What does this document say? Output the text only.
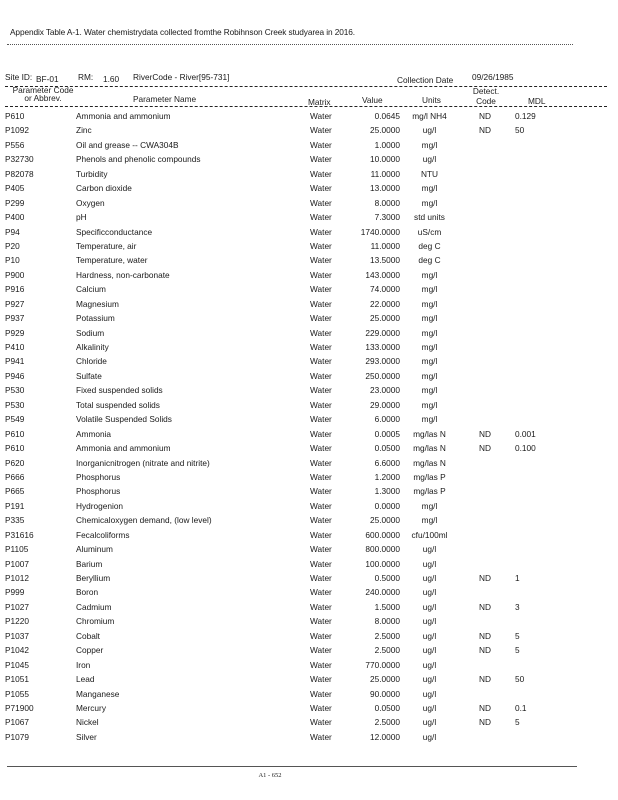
Appendix Table A-1. Water chemistrydata collected fromthe Robihnson Creek studyarea in 2016.
Site ID: BF-01 RM: 1.60 RiverCode - River[95-731]	Collection Date 09/26/1985
Parameter Code
or Abbrev.	Parameter Name	Matrix	Value	Units
Detect.
Code	MDL
P610	Ammonia and ammonium	Water	0.0645	mg/l NH4	ND	0.129
P1092	Zinc	Water	25.0000	ug/l	ND	50
P556	Oil and grease -- CWA304B	Water	1.0000	mg/l
P32730	Phenols and phenolic compounds	Water	10.0000	ug/l
P82078	Turbidity	Water	11.0000	NTU
P405	Carbon dioxide	Water	13.0000	mg/l
P299	Oxygen	Water	8.0000	mg/l
P400	pH	Water	7.3000	std units
P94	Specificconductance	Water	1740.0000	uS/cm
P20	Temperature, air	Water	11.0000	deg C
P10	Temperature, water	Water	13.5000	deg C
P900	Hardness, non-carbonate	Water	143.0000	mg/l
P916	Calcium	Water	74.0000	mg/l
P927	Magnesium	Water	22.0000	mg/l
P937	Potassium	Water	25.0000	mg/l
P929	Sodium	Water	229.0000	mg/l
P410	Alkalinity	Water	133.0000	mg/l
P941	Chloride	Water	293.0000	mg/l
P946	Sulfate	Water	250.0000	mg/l
P530	Fixed suspended solids	Water	23.0000	mg/l
P530	Total suspended solids	Water	29.0000	mg/l
P549	Volatile Suspended Solids	Water	6.0000	mg/l
P610	Ammonia	Water	0.0005	mg/las N	ND	0.001
P610	Ammonia and ammonium	Water	0.0500	mg/las N	ND	0.100
P620	Inorganicnitrogen (nitrate and nitrite)	Water	6.6000	mg/las N
P666	Phosphorus	Water	1.2000	mg/las P
P665	Phosphorus	Water	1.3000	mg/las P
P191	Hydrogenion	Water	0.0000	mg/l
P335	Chemicaloxygen demand, (low level)	Water	25.0000	mg/l
P31616	Fecalcoliforms	Water	600.0000	cfu/100ml
P1105	Aluminum	Water	800.0000	ug/l
P1007	Barium	Water	100.0000	ug/l
P1012	Beryllium	Water	0.5000	ug/l	ND	1
P999	Boron	Water	240.0000	ug/l
P1027	Cadmium	Water	1.5000	ug/l	ND	3
P1220	Chromium	Water	8.0000	ug/l
P1037	Cobalt	Water	2.5000	ug/l	ND	5
P1042	Copper	Water	2.5000	ug/l	ND	5
P1045	Iron	Water	770.0000	ug/l
P1051	Lead	Water	25.0000	ug/l	ND	50
P1055	Manganese	Water	90.0000	ug/l
P71900	Mercury	Water	0.0500	ug/l	ND	0.1
P1067	Nickel	Water	2.5000	ug/l	ND	5
P1079	Silver	Water	12.0000	ug/l
A1 - 652
